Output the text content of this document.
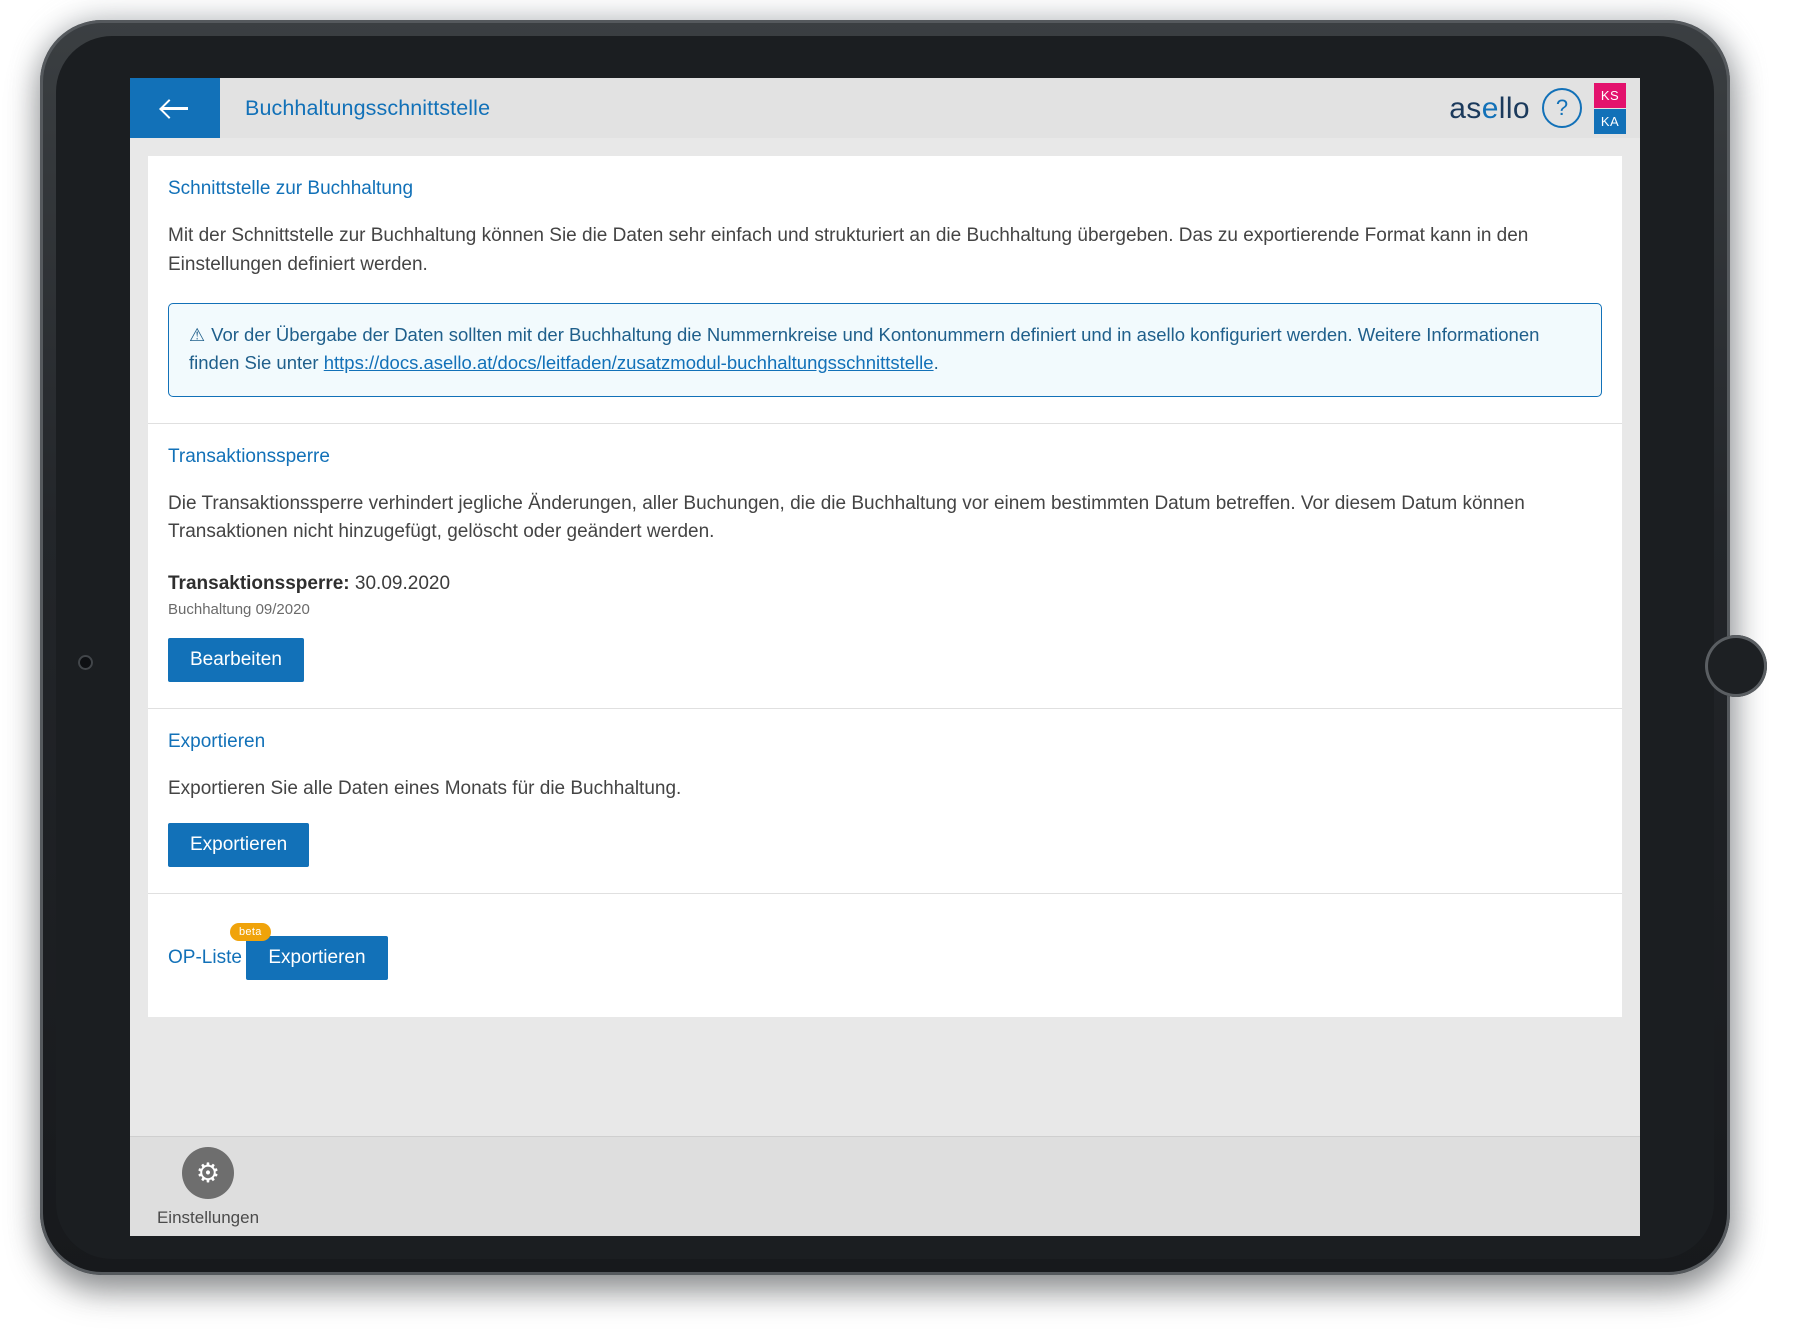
Buchhaltungsschnittstelle	asello	?	KS
KA
Schnittstelle zur Buchhaltung

Mit der Schnittstelle zur Buchhaltung können Sie die Daten sehr einfach und strukturiert an die Buchhaltung übergeben. Das zu exportierende Format kann in den Einstellungen definiert werden.

⚠ Vor der Übergabe der Daten sollten mit der Buchhaltung die Nummernkreise und Kontonummern definiert und in asello konfiguriert werden. Weitere Informationen finden Sie unter https://docs.asello.at/docs/leitfaden/zusatzmodul-buchhaltungsschnittstelle.
Transaktionssperre

Die Transaktionssperre verhindert jegliche Änderungen, aller Buchungen, die die Buchhaltung vor einem bestimmten Datum betreffen. Vor diesem Datum können Transaktionen nicht hinzugefügt, gelöscht oder geändert werden.

Transaktionssperre: 30.09.2020
Buchhaltung 09/2020
Bearbeiten
Exportieren

Exportieren Sie alle Daten eines Monats für die Buchhaltung.

Exportieren
beta
OP-Liste Exportieren
⚙
Einstellungen
